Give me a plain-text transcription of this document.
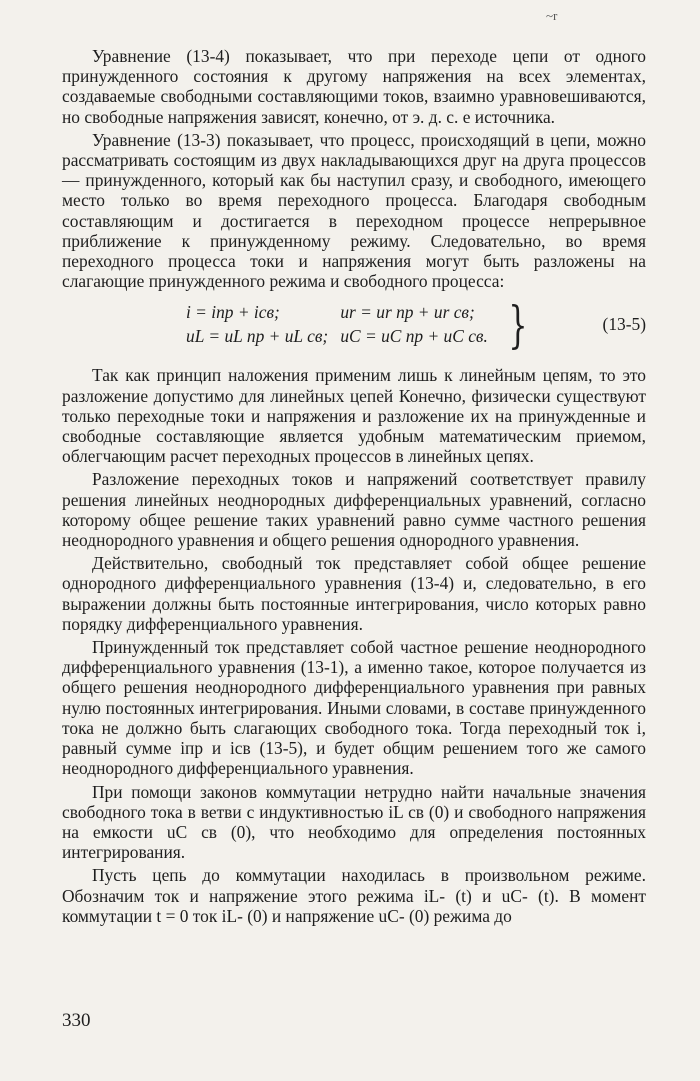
~r

Уравнение (13-4) показывает, что при переходе цепи от одного принужденного состояния к другому напряжения на всех элементах, создаваемые свободными составляющими токов, взаимно уравновешиваются, но свободные напряжения зависят, конечно, от э. д. с. e источника.

Уравнение (13-3) показывает, что процесс, происходящий в цепи, можно рассматривать состоящим из двух накладывающихся друг на друга процессов — принужденного, который как бы наступил сразу, и свободного, имеющего место только во время переходного процесса. Благодаря свободным составляющим и достигается в переходном процессе непрерывное приближение к принужденному режиму. Следовательно, во время переходного процесса токи и напряжения могут быть разложены на слагающие принужденного режима и свободного процесса:

i = iпр + iсв;	ur = ur пр + ur св;
uL = uL пр + uL св; uC = uC пр + uC св. }	(13-5)

Так как принцип наложения применим лишь к линейным цепям, то это разложение допустимо для линейных цепей Конечно, физически существуют только переходные токи и напряжения и разложение их на принужденные и свободные составляющие является удобным математическим приемом, облегчающим расчет переходных процессов в линейных цепях.

Разложение переходных токов и напряжений соответствует правилу решения линейных неоднородных дифференциальных уравнений, согласно которому общее решение таких уравнений равно сумме частного решения неоднородного уравнения и общего решения однородного уравнения.

Действительно, свободный ток представляет собой общее решение однородного дифференциального уравнения (13-4) и, следовательно, в его выражении должны быть постоянные интегрирования, число которых равно порядку дифференциального уравнения.

Принужденный ток представляет собой частное решение неоднородного дифференциального уравнения (13-1), а именно такое, которое получается из общего решения неоднородного дифференциального уравнения при равных нулю постоянных интегрирования. Иными словами, в составе принужденного тока не должно быть слагающих свободного тока. Тогда переходный ток i, равный сумме iпр и iсв (13-5), и будет общим решением того же самого неоднородного дифференциального уравнения.

При помощи законов коммутации нетрудно найти начальные значения свободного тока в ветви с индуктивностью iL св (0) и свободного напряжения на емкости uC св (0), что необходимо для определения постоянных интегрирования.

Пусть цепь до коммутации находилась в произвольном режиме. Обозначим ток и напряжение этого режима iL- (t) и uC- (t). В момент коммутации t = 0 ток iL- (0) и напряжение uC- (0) режима до

330
